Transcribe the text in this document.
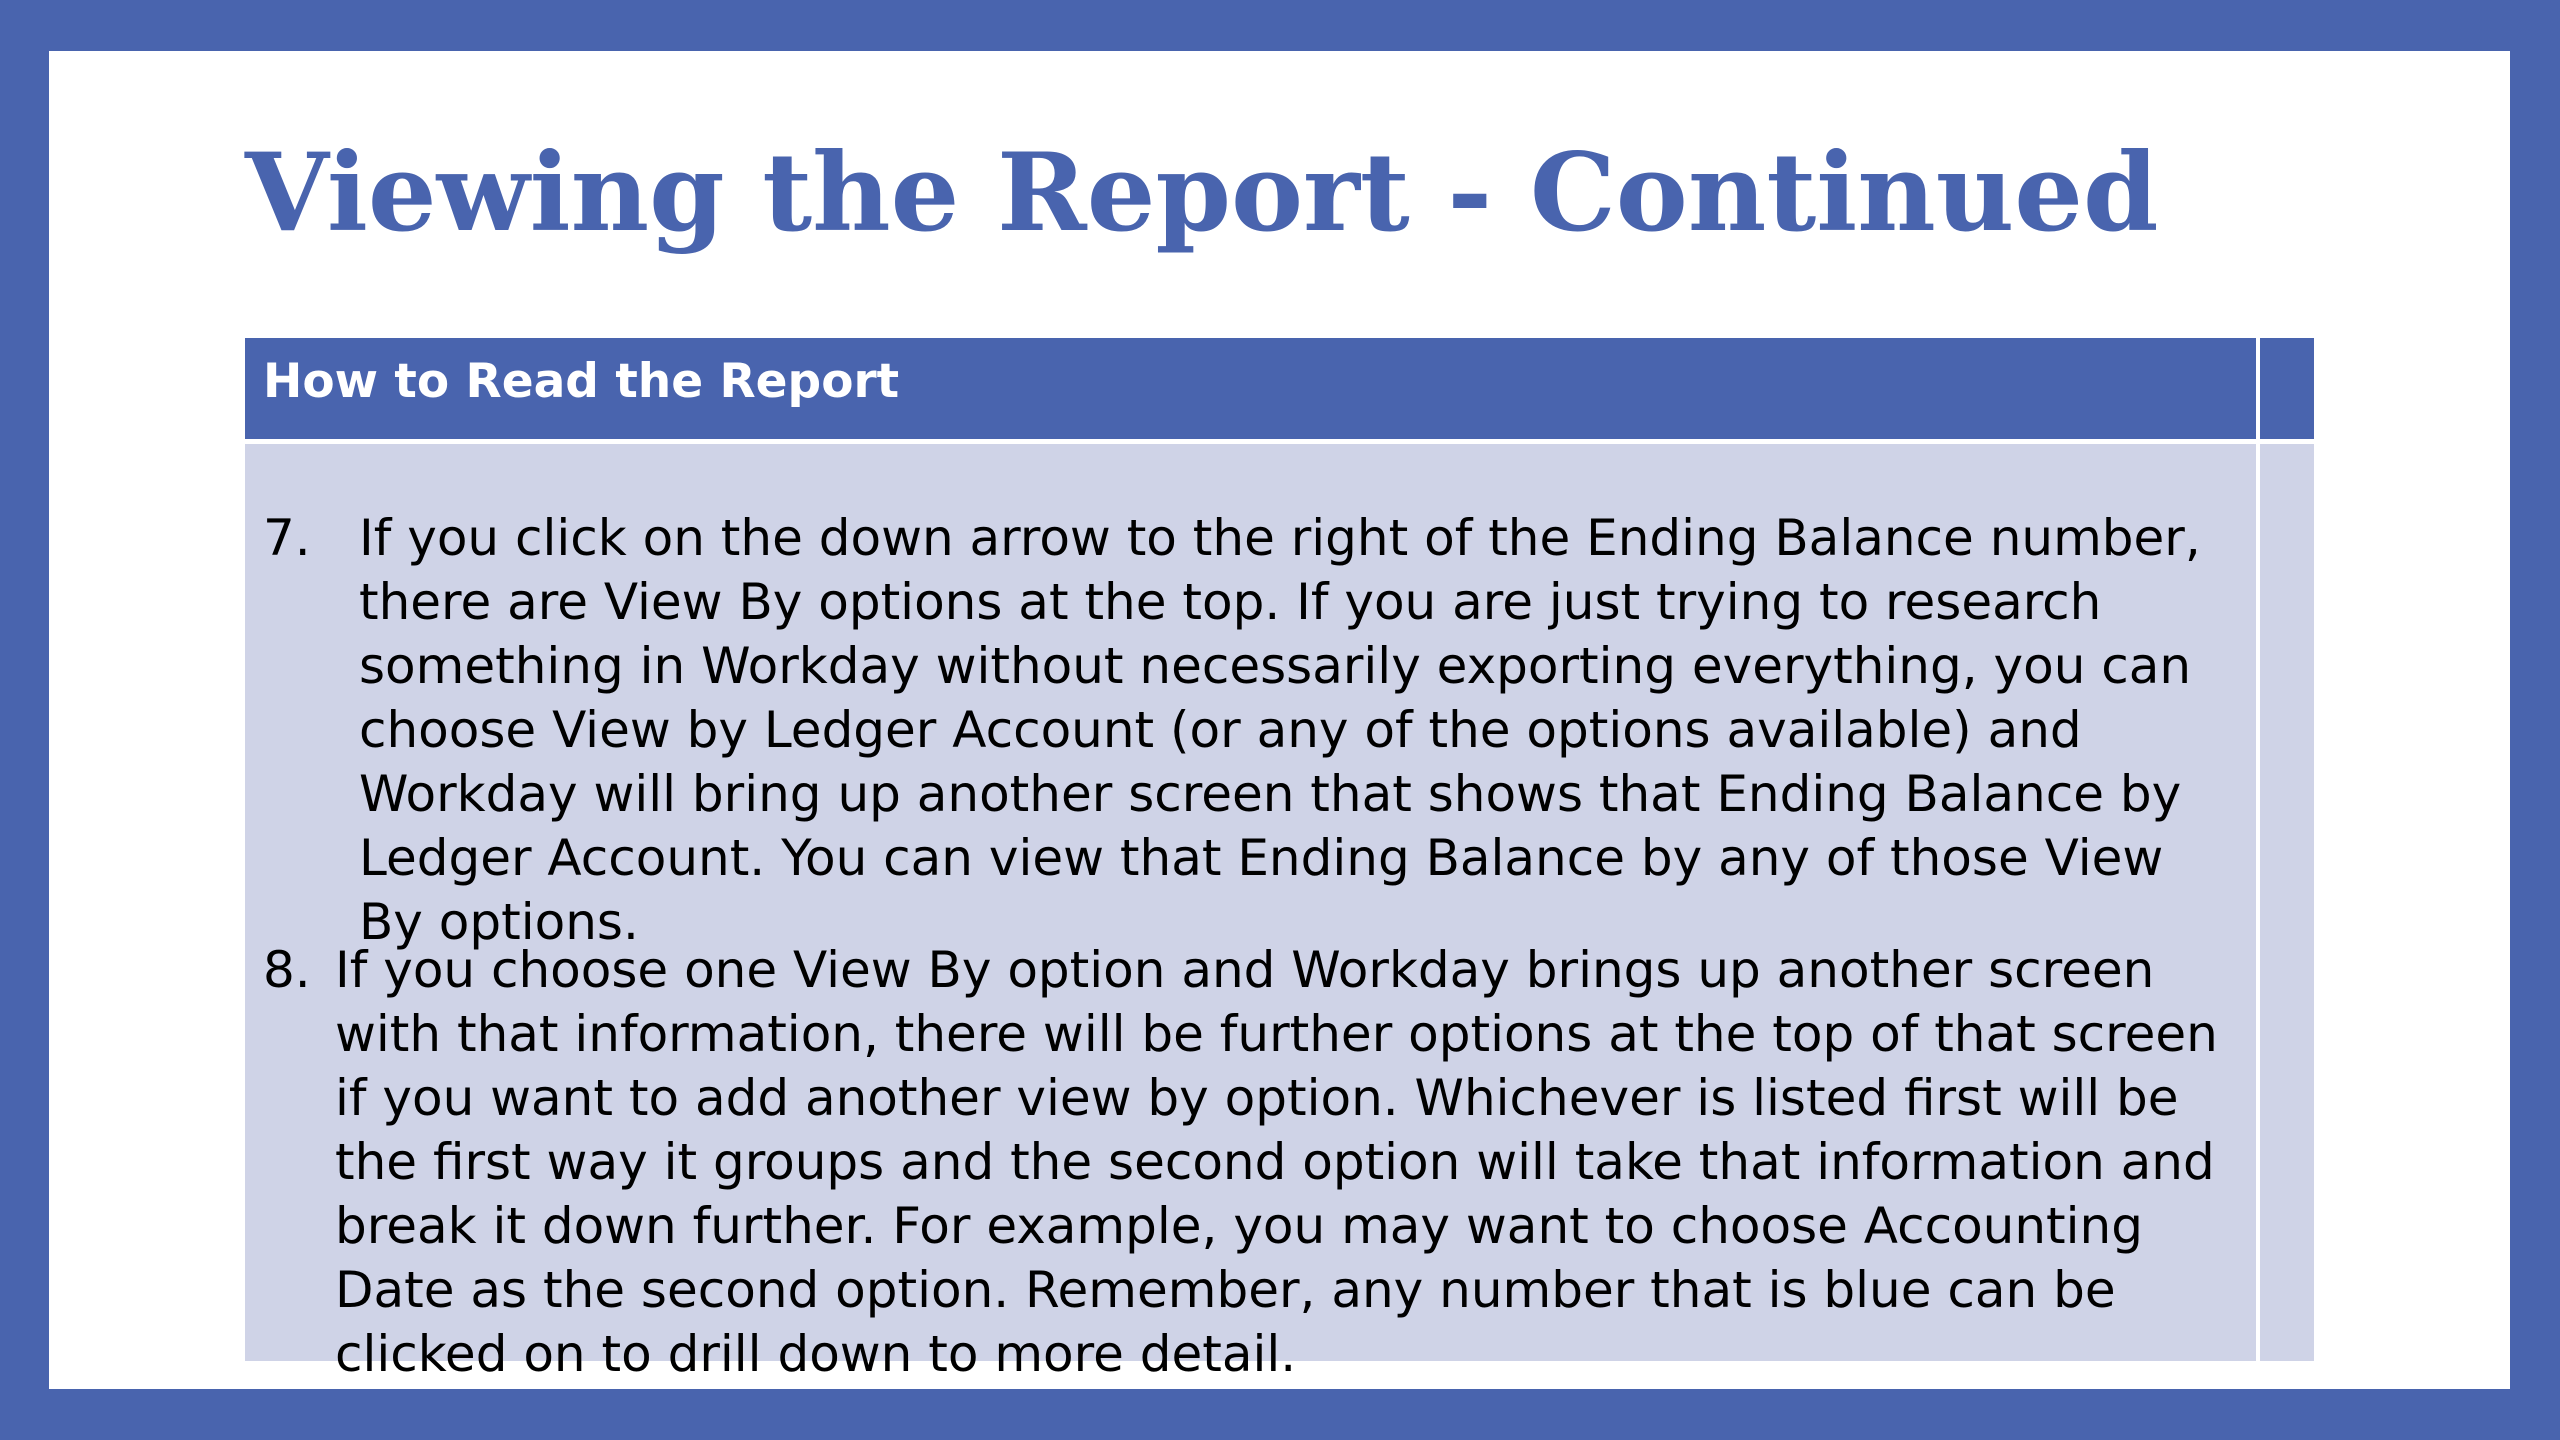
Viewing the Report - Continued
How to Read the Report
7. If you click on the down arrow to the right of the Ending Balance number, there are View By options at the top. If you are just trying to research something in Workday without necessarily exporting everything, you can choose View by Ledger Account (or any of the options available) and Workday will bring up another screen that shows that Ending Balance by Ledger Account. You can view that Ending Balance by any of those View By options.

8. If you choose one View By option and Workday brings up another screen with that information, there will be further options at the top of that screen if you want to add another view by option. Whichever is listed first will be the first way it groups and the second option will take that information and break it down further. For example, you may want to choose Accounting Date as the second option. Remember, any number that is blue can be clicked on to drill down to more detail.
